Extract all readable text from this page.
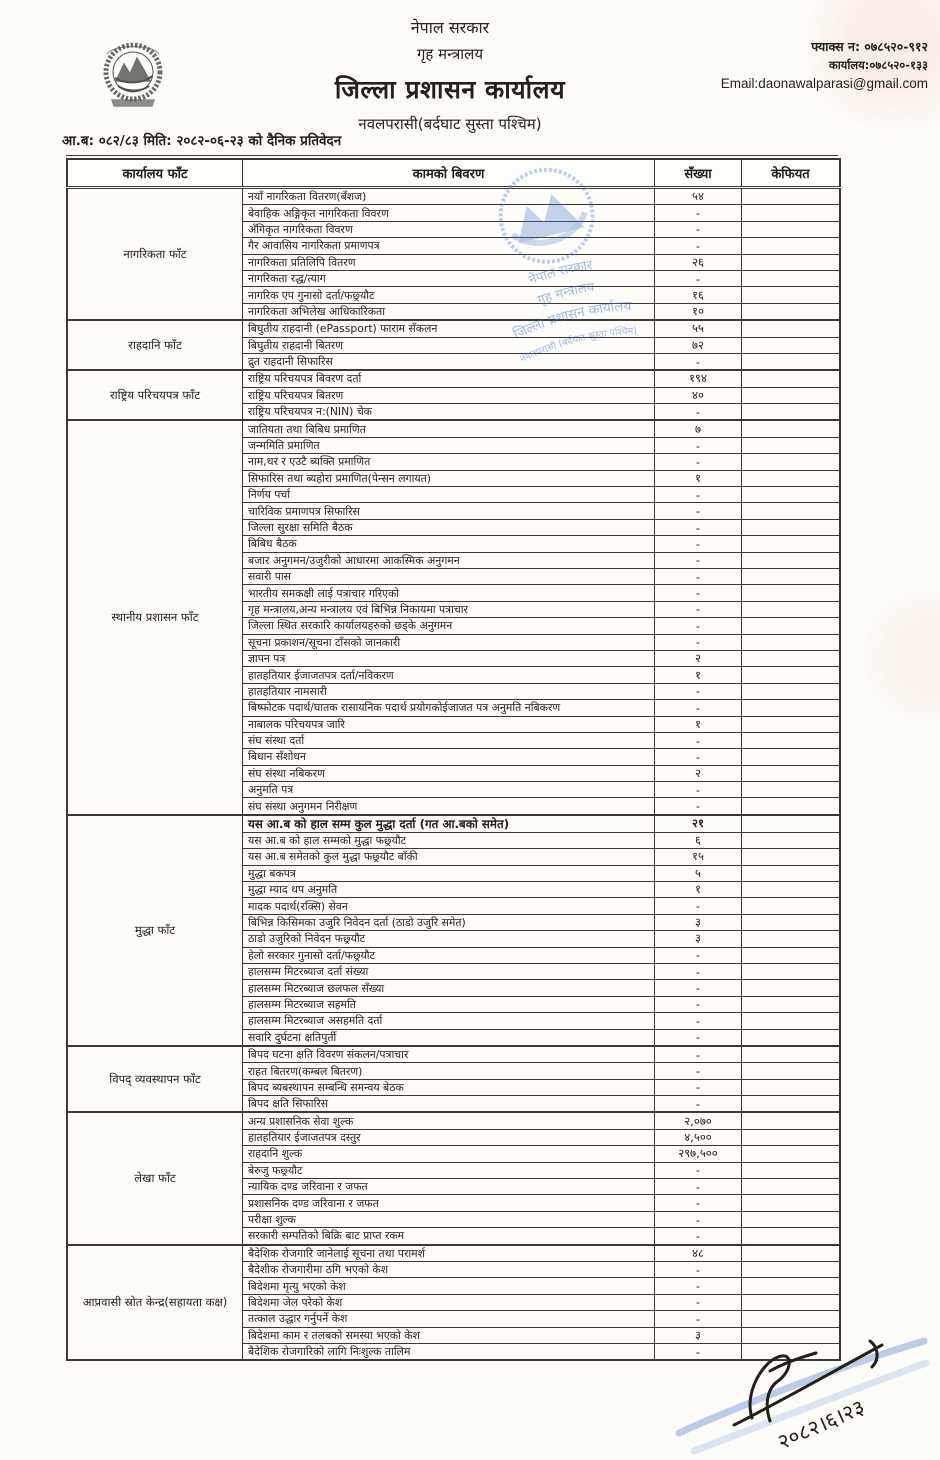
नेपाल सरकार
गृह मन्त्रालय
जिल्ला प्रशासन कार्यालय
नवलपरासी(बर्दघाट सुस्ता पश्चिम)
फ्याक्स न: ०७८५२०-९१२
कार्यालय:०७८५२०-१३३
Email:daonawalparasi@gmail.com
आ.ब: ०८२/८३ मिति: २०८२-०६-२३ को दैनिक प्रतिवेदन
कार्यालय फाँट	कामको बिवरण	सँख्या	केफियत
नागरिकता फाँट	नयाँ नागरिकता वितरण(बँशज)	५४	
	बेवाहिक अङ्गिकृत नागरिकता विवरण	-	
	अँगिकृत नागरिकता विवरण	-	
	गैर आवासिय नागरिकता प्रमाणपत्र	-	
	नागरिकता प्रतिलिपि वितरण	२६	
	नागरिकता रद्ध/त्याग	-	
	नागरिक एप गुनासो दर्ता/फछ्र्यौट	१६	
	नागरिकता अभिलेख आधिकारिकता	१०	
राहदानि फाँट	बिघुतीय राहदानी (ePassport) फाराम सँकलन	५५	
	बिघुतीय राहदानी बितरण	७२	
	द्रुत राहदानी सिफारिस	-	
राष्ट्रिय परिचयपत्र फाँट	राष्ट्रिय परिचयपत्र बिवरण दर्ता	१९४	
	राष्ट्रिय परिचयपत्र बितरण	४०	
	राष्ट्रिय परिचयपत्र न:(NIN) चेक	-	
स्थानीय प्रशासन फाँट	जातियता तथा बिबिध प्रमाणित	७	
	जन्ममिति प्रमाणित	-	
	नाम,थर र एउटै ब्यक्ति प्रमाणित	-	
	सिफारिस तथा ब्यहोरा प्रमाणित(पेन्सन लगायत)	१	
	निर्णय पर्चा	-	
	चारिविक प्रमाणपत्र सिफारिस	-	
	जिल्ला सुरक्षा समिति बैठक	-	
	बिबिध बैठक	-	
	बजार अनुगमन/उजुरीको आधारमा आकस्मिक अनुगमन	-	
	सवारी पास	-	
	भारतीय समकक्षी लाई पत्राचार गरिएको	-	
	गृह मन्त्रालय,अन्य मन्त्रालय एवं बिभिन्न निकायमा पत्राचार	-	
	जिल्ला स्थित सरकारि कार्यालयहरुको छड्के अनुगमन	-	
	सूचना प्रकाशन/सूचना टाँसको जानकारी	-	
	ज्ञापन पत्र	२	
	हातहतियार ईजाजतपत्र दर्ता/नविकरण	१	
	हातहतियार नामसारी	-	
	बिष्फोटक पदार्थ/घातक रासायनिक पदार्थ प्रयोगकोईजाजत पत्र अनुमति नबिकरण	-	
	नाबालक परिचयपत्र जारि	१	
	संघ संस्था दर्ता	-	
	बिधान सँशोधन	-	
	संघ संस्था नबिकरण	२	
	अनुमति पत्र	-	
	संघ संस्था अनुगमन निरीक्षण	-	
मुद्धा फाँट	यस आ.ब को हाल सम्म कुल मुद्धा दर्ता (गत आ.बको समेत)	२१	
	यस आ.ब को हाल सम्मको मुद्धा फछ्र्यौट	६	
	यस आ.ब समेतको कुल मुद्धा फछ्र्यौट बाँकी	१५	
	मुद्धा बकपत्र	५	
	मुद्धा म्याद थप अनुमति	१	
	मादक पदार्थ(रक्सि) सेवन	-	
	बिभिन्न किसिमका उजुरि निवेदन दर्ता (ठाडो उजुरि समेत)	३	
	ठाडो उजुरिको निवेदन फछ्र्यौट	३	
	हेलो सरकार गुनासो दर्ता/फछ्र्यौट	-	
	हालसम्म मिटरब्याज दर्ता संख्या	-	
	हालसम्म मिटरब्याज छलफल सँख्या	-	
	हालसम्म मिटरब्याज सहमति	-	
	हालसम्म मिटरब्याज असहमति दर्ता	-	
	सवारि दुर्घटना क्षतिपुर्ती	-	
विपद् व्यवस्थापन फाँट	बिपद घटना क्षति विवरण संकलन/पत्राचार	-	
	राहत बितरण(कम्बल बितरण)	-	
	बिपद ब्यबस्थापन सम्बन्धि समन्वय बेठक	-	
	बिपद क्षति सिफारिस	-	
लेखा फाँट	अन्य प्रशासनिक सेवा शुल्क	२,०७०	
	हातहतियार ईजाजतपत्र दस्तुर	४,५००	
	राहदानि शुल्क	२९७,५००	
	बेरुजु फछ्र्यौट	-	
	न्यायिक दण्ड जरिवाना र जफत	-	
	प्रशासनिक दण्ड जरिवाना र जफत	-	
	परीक्षा शुल्क	-	
	सरकारी सम्पतिको बिक्रि बाट प्राप्त रकम	-	
आप्रवासी स्रोत केन्द्र(सहायता कक्ष)	बैदेशिक रोजगारि जानेलाई सूचना तथा परामर्श	४८	
	बैदेशीक रोजगारीमा ठगि भएको केश	-	
	बिदेशमा मृत्यु भएको केश	-	
	बिदेशमा जेल परेको केश	-	
	तत्काल उद्धार गर्नुपर्ने केश	-	
	बिदेशमा काम र तलबको समस्या भएको केश	३	
	बैदेशिक रोजगारिको लागि निःशुल्क तालिम	-	
नेपाल सरकार
गृह मन्त्रालय
जिल्ला प्रशासन कार्यालय
नवलपरासी (बर्दघाट-सुस्ता पश्चिम)
२०८२।६।२३
